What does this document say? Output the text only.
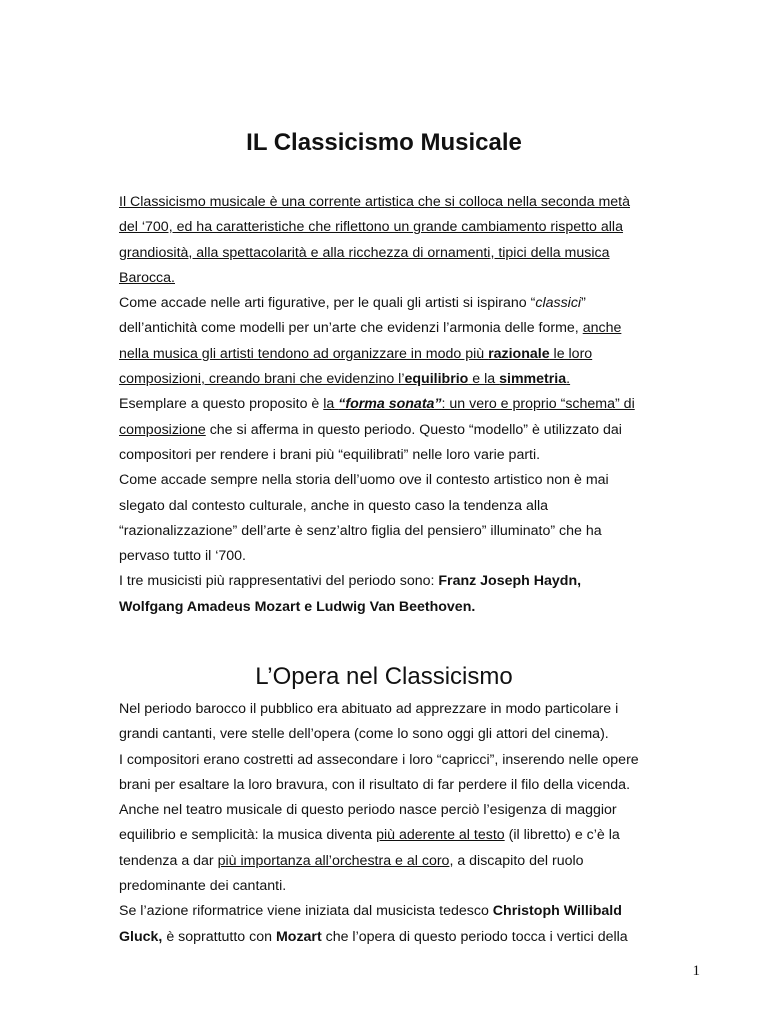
IL Classicismo Musicale
Il Classicismo musicale è una corrente artistica che si colloca nella seconda metà
del ‘700, ed ha caratteristiche che riflettono un grande cambiamento rispetto alla
grandiosità, alla spettacolarità e alla ricchezza di ornamenti, tipici della musica
Barocca.
Come accade nelle arti figurative, per le quali gli artisti si ispirano “classici”
dell’antichità come modelli per un’arte che evidenzi l’armonia delle forme, anche
nella musica gli artisti tendono ad organizzare in modo più razionale le loro
composizioni, creando brani che evidenzino l’equilibrio e la simmetria.
Esemplare a questo proposito è la “forma sonata”: un vero e proprio “schema” di
composizione che si afferma in questo periodo. Questo “modello” è utilizzato dai
compositori per rendere i brani più “equilibrati” nelle loro varie parti.
Come accade sempre nella storia dell’uomo ove il contesto artistico non è mai
slegato dal contesto culturale, anche in questo caso la tendenza alla
“razionalizzazione” dell’arte è senz’altro figlia del pensiero” illuminato” che ha
pervaso tutto il ‘700.
I tre musicisti più rappresentativi del periodo sono: Franz Joseph Haydn,
Wolfgang Amadeus Mozart e Ludwig Van Beethoven.
L’Opera nel Classicismo
Nel periodo barocco il pubblico era abituato ad apprezzare in modo particolare i
grandi cantanti, vere stelle dell’opera (come lo sono oggi gli attori del cinema).
I compositori erano costretti ad assecondare i loro “capricci”, inserendo nelle opere
brani per esaltare la loro bravura, con il risultato di far perdere il filo della vicenda.
Anche nel teatro musicale di questo periodo nasce perciò l’esigenza di maggior
equilibrio e semplicità: la musica diventa più aderente al testo (il libretto) e c’è la
tendenza a dar più importanza all’orchestra e al coro, a discapito del ruolo
predominante dei cantanti.
Se l’azione riformatrice viene iniziata dal musicista tedesco Christoph Willibald
Gluck, è soprattutto con Mozart che l’opera di questo periodo tocca i vertici della
1
